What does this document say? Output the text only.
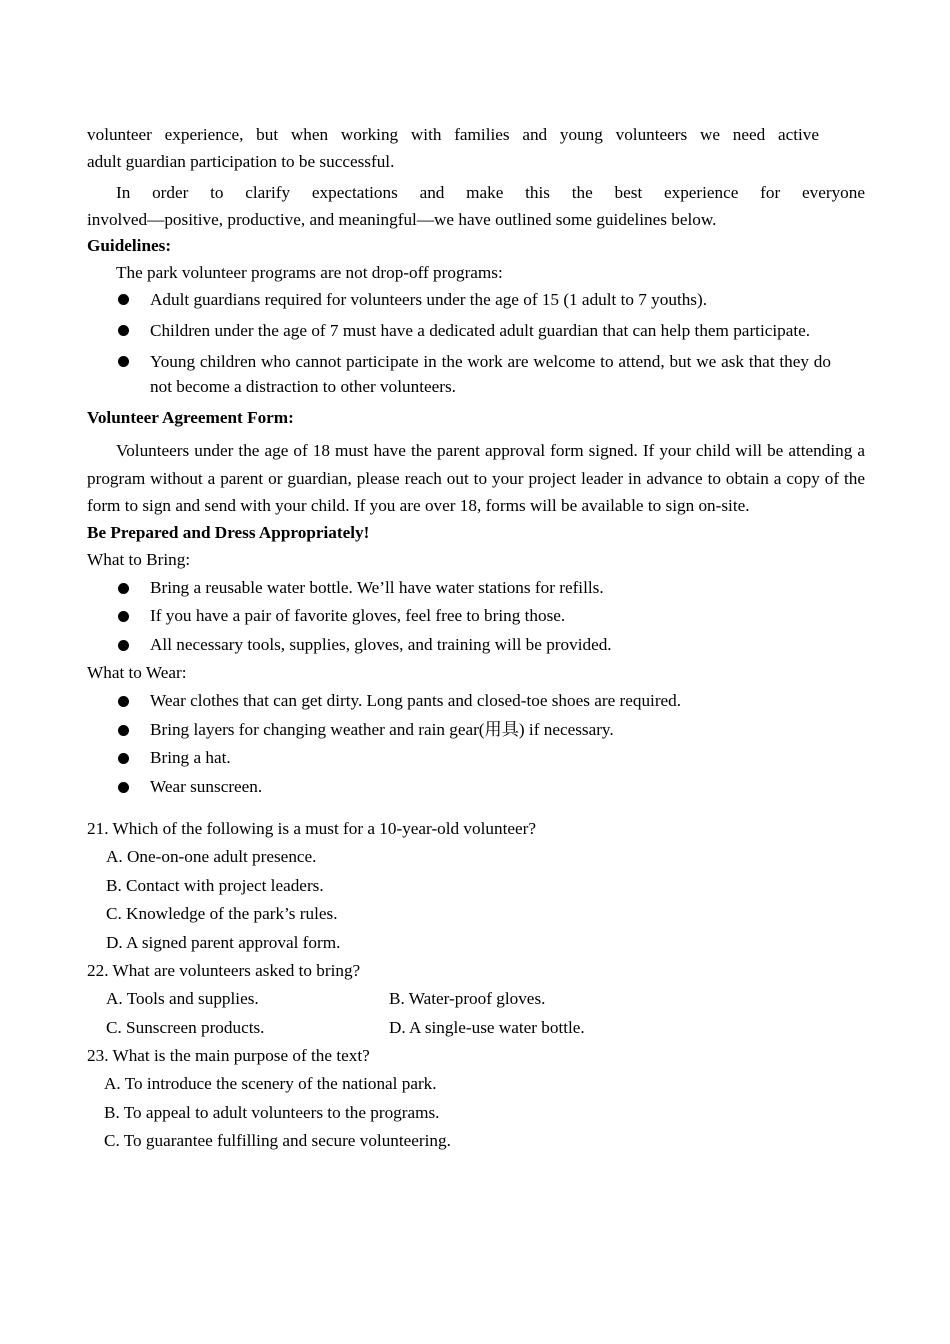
volunteer experience, but when working with families and young volunteers we need active

adult guardian participation to be successful.

In order to clarify expectations and make this the best experience for everyone

involved—positive, productive, and meaningful—we have outlined some guidelines below.

Guidelines:

The park volunteer programs are not drop-off programs:

Adult guardians required for volunteers under the age of 15 (1 adult to 7 youths).
Children under the age of 7 must have a dedicated adult guardian that can help them participate.
Young children who cannot participate in the work are welcome to attend, but we ask that they do not become a distraction to other volunteers.

Volunteer Agreement Form:

Volunteers under the age of 18 must have the parent approval form signed. If your child will be attending a program without a parent or guardian, please reach out to your project leader in advance to obtain a copy of the form to sign and send with your child. If you are over 18, forms will be available to sign on-site.

Be Prepared and Dress Appropriately!

What to Bring:

Bring a reusable water bottle. We’ll have water stations for refills.
If you have a pair of favorite gloves, feel free to bring those.
All necessary tools, supplies, gloves, and training will be provided.

What to Wear:

Wear clothes that can get dirty. Long pants and closed-toe shoes are required.
Bring layers for changing weather and rain gear(用具) if necessary.
Bring a hat.
Wear sunscreen.

21. Which of the following is a must for a 10-year-old volunteer?

A. One-on-one adult presence.

B. Contact with project leaders.

C. Knowledge of the park’s rules.

D. A signed parent approval form.

22. What are volunteers asked to bring?

A. Tools and supplies.	B. Water-proof gloves.
C. Sunscreen products.	D. A single-use water bottle.

23. What is the main purpose of the text?

A. To introduce the scenery of the national park.

B. To appeal to adult volunteers to the programs.

C. To guarantee fulfilling and secure volunteering.
